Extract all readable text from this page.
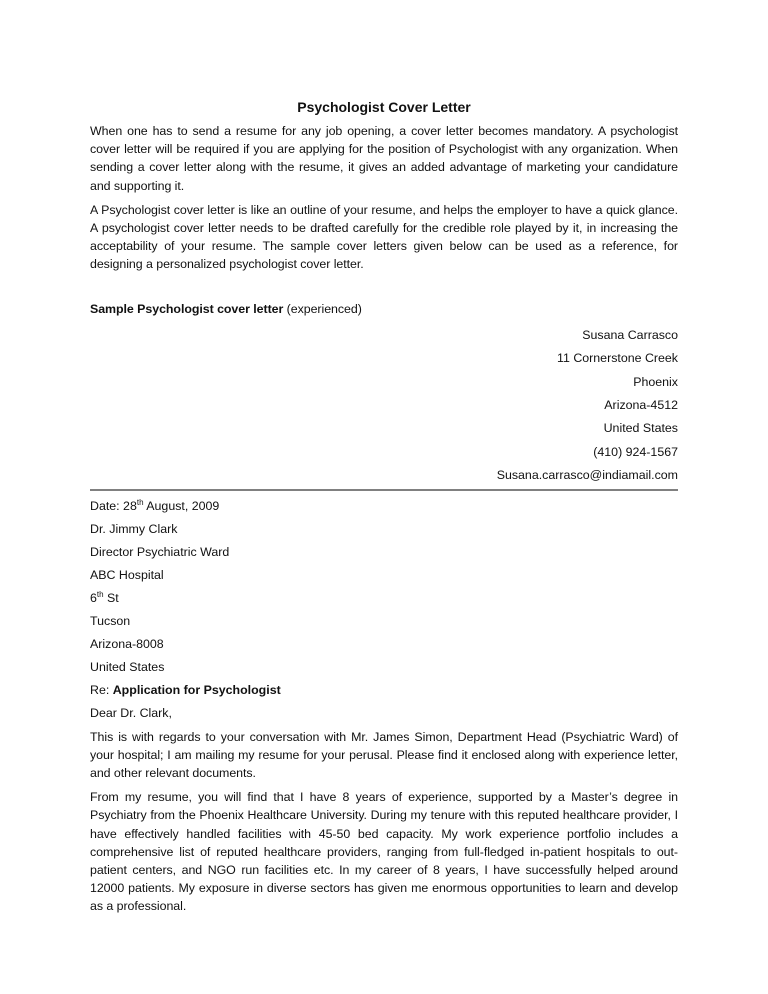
Psychologist Cover Letter

When one has to send a resume for any job opening, a cover letter becomes mandatory. A psychologist cover letter will be required if you are applying for the position of Psychologist with any organization. When sending a cover letter along with the resume, it gives an added advantage of marketing your candidature and supporting it.

A Psychologist cover letter is like an outline of your resume, and helps the employer to have a quick glance. A psychologist cover letter needs to be drafted carefully for the credible role played by it, in increasing the acceptability of your resume. The sample cover letters given below can be used as a reference, for designing a personalized psychologist cover letter.

Sample Psychologist cover letter (experienced)

Susana Carrasco
11 Cornerstone Creek
Phoenix
Arizona-4512
United States
(410) 924-1567
Susana.carrasco@indiamail.com
Date: 28th August, 2009
Dr. Jimmy Clark
Director Psychiatric Ward
ABC Hospital
6th St
Tucson
Arizona-8008
United States
Re: Application for Psychologist
Dear Dr. Clark,

This is with regards to your conversation with Mr. James Simon, Department Head (Psychiatric Ward) of your hospital; I am mailing my resume for your perusal. Please find it enclosed along with experience letter, and other relevant documents.

From my resume, you will find that I have 8 years of experience, supported by a Master’s degree in Psychiatry from the Phoenix Healthcare University. During my tenure with this reputed healthcare provider, I have effectively handled facilities with 45-50 bed capacity. My work experience portfolio includes a comprehensive list of reputed healthcare providers, ranging from full-fledged in-patient hospitals to out-patient centers, and NGO run facilities etc. In my career of 8 years, I have successfully helped around 12000 patients. My exposure in diverse sectors has given me enormous opportunities to learn and develop as a professional.
